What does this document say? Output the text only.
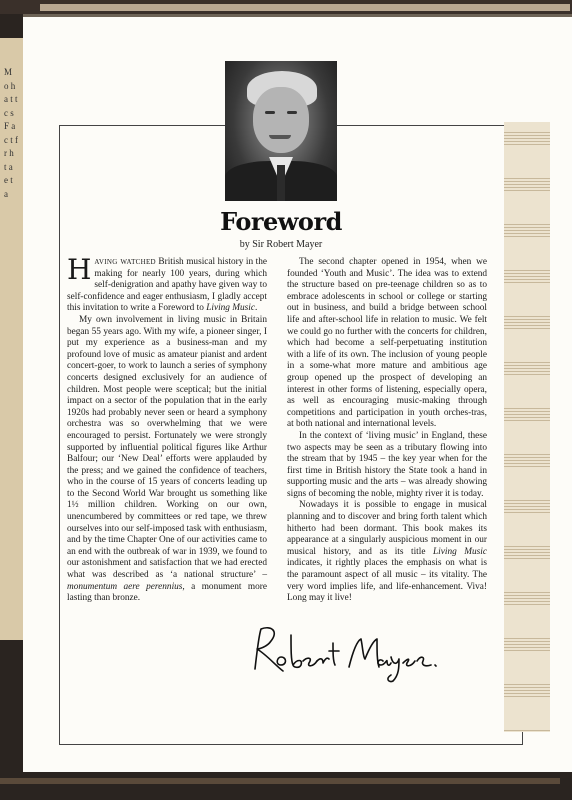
M o h a t t c s F a c t f r h t a e t a
Foreword
by Sir Robert Mayer

Having watched British musical history in the making for nearly 100 years, during which self-denigration and apathy have given way to self-confidence and eager enthusiasm, I gladly accept this invitation to write a Foreword to Living Music.

My own involvement in living music in Britain began 55 years ago. With my wife, a pioneer singer, I put my experience as a business-man and my profound love of music as amateur pianist and ardent concert-goer, to work to launch a series of symphony concerts designed exclusively for an audience of children. Most people were sceptical; but the initial impact on a sector of the population that in the early 1920s had probably never seen or heard a symphony orchestra was so overwhelming that we were encouraged to persist. Fortunately we were strongly supported by influential political figures like Arthur Balfour; our ‘New Deal’ efforts were applauded by the press; and we gained the confidence of teachers, who in the course of 15 years of concerts leading up to the Second World War brought us something like 1½ million children. Working on our own, unencumbered by committees or red tape, we threw ourselves into our self-imposed task with enthusiasm, and by the time Chapter One of our activities came to an end with the outbreak of war in 1939, we found to our astonishment and satisfaction that we had erected what was described as ‘a national structure’ – monumentum aere perennius, a monument more lasting than bronze.

The second chapter opened in 1954, when we founded ‘Youth and Music’. The idea was to extend the structure based on pre-teenage children so as to embrace adolescents in school or college or starting out in business, and build a bridge between school life and after-school life in relation to music. We felt we could go no further with the concerts for children, which had become a self-perpetuating institution with a life of its own. The inclusion of young people in a some-what more mature and ambitious age group opened up the prospect of developing an interest in other forms of listening, especially opera, as well as encouraging music-making through competitions and participation in youth orches-tras, at both national and international levels.

In the context of ‘living music’ in England, these two aspects may be seen as a tributary flowing into the stream that by 1945 – the key year when for the first time in British history the State took a hand in supporting music and the arts – was already showing signs of becoming the noble, mighty river it is today.

Nowadays it is possible to engage in musical planning and to discover and bring forth talent which hitherto had been dormant. This book makes its appearance at a singularly auspicious moment in our musical history, and as its title Living Music indicates, it rightly places the emphasis on what is the paramount aspect of all music – its vitality. The very word implies life, and life-enhancement. Viva! Long may it live!
